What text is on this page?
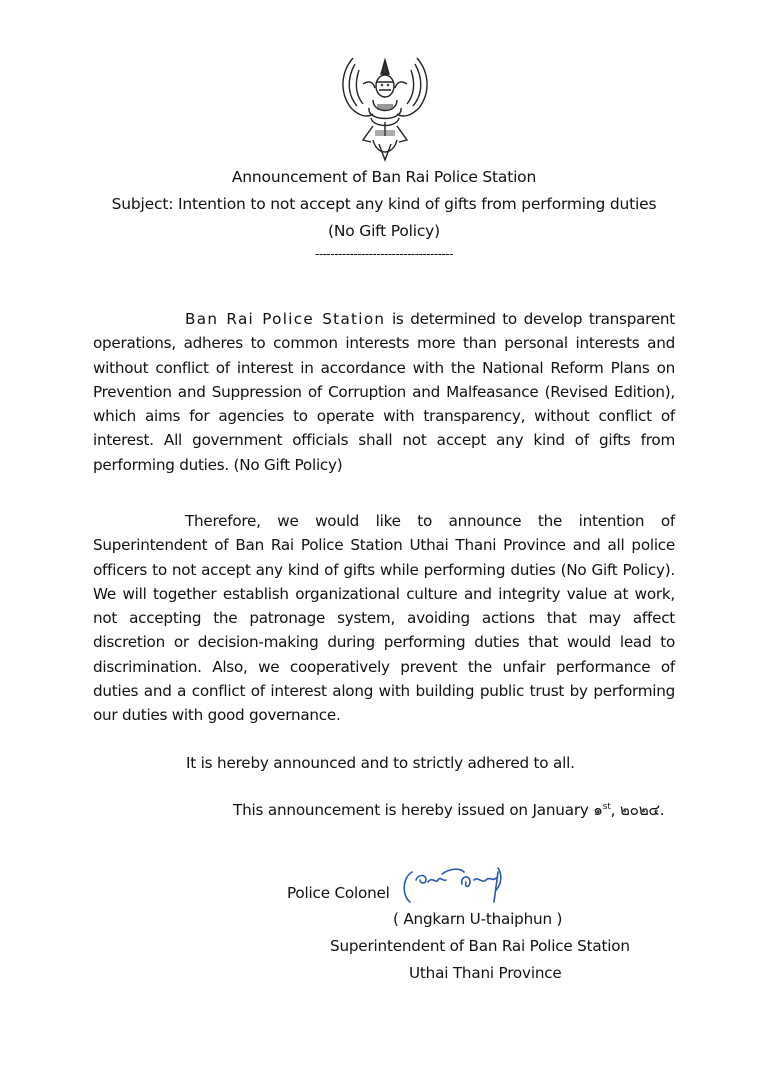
Announcement of Ban Rai Police Station
Subject: Intention to not accept any kind of gifts from performing duties
(No Gift Policy)
------------------------------------

Ban Rai Police Station is determined to develop transparent operations, adheres to common interests more than personal interests and without conflict of interest in accordance with the National Reform Plans on Prevention and Suppression of Corruption and Malfeasance (Revised Edition), which aims for agencies to operate with transparency, without conflict of interest. All government officials shall not accept any kind of gifts from performing duties. (No Gift Policy)

Therefore, we would like to announce the intention of Superintendent of Ban Rai Police Station Uthai Thani Province and all police officers to not accept any kind of gifts while performing duties (No Gift Policy). We will together establish organizational culture and integrity value at work, not accepting the patronage system, avoiding actions that may affect discretion or decision-making during performing duties that would lead to discrimination. Also, we cooperatively prevent the unfair performance of duties and a conflict of interest along with building public trust by performing our duties with good governance.

It is hereby announced and to strictly adhered to all.
This announcement is hereby issued on January ๑$^{st}$, ๒๐๒๔.
Police Colonel
( Angkarn U-thaiphun )
Superintendent of Ban Rai Police Station
Uthai Thani Province
